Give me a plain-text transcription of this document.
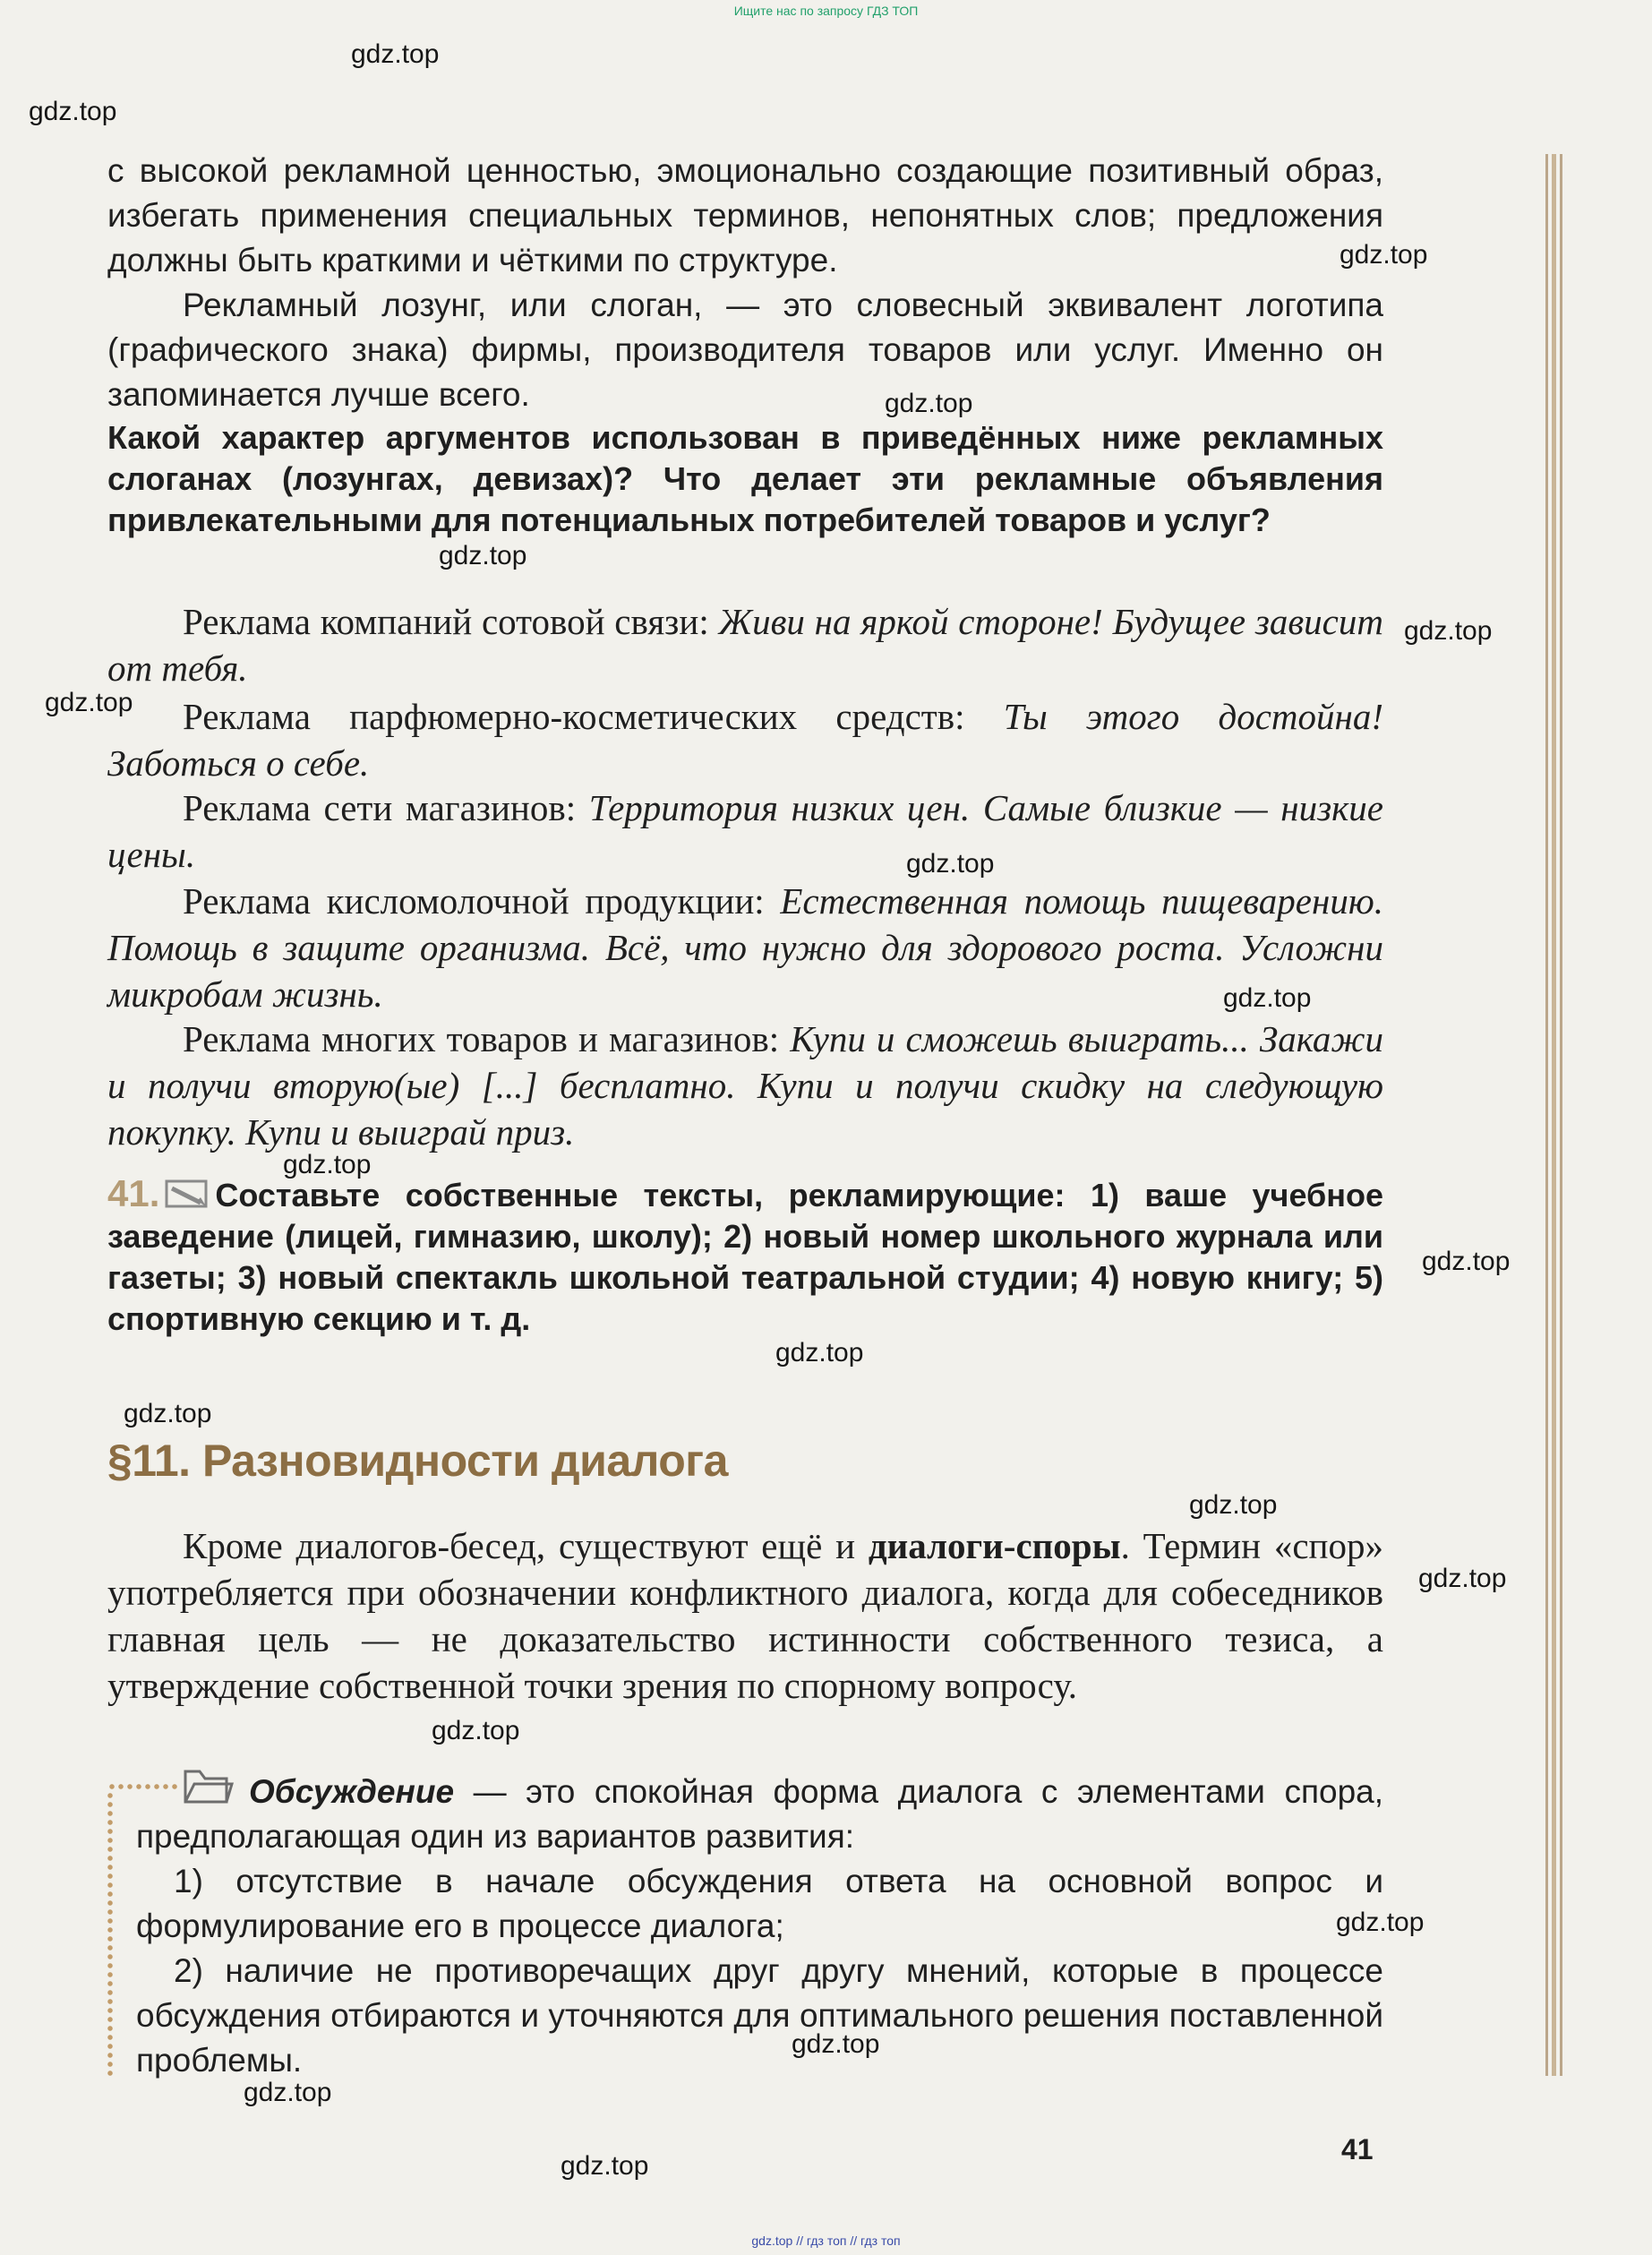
Ищите нас по запросу ГДЗ ТОП
с высокой рекламной ценностью, эмоционально создающие позитивный образ, избегать применения специальных терминов, непонятных слов; предложения должны быть краткими и чёткими по структуре.
Рекламный лозунг, или слоган, — это словесный эквивалент логотипа (графического знака) фирмы, производителя товаров или услуг. Именно он запоминается лучше всего.
Какой характер аргументов использован в приведённых ниже рекламных слоганах (лозунгах, девизах)? Что делает эти рекламные объявления привлекательными для потенциальных потребителей товаров и услуг?
Реклама компаний сотовой связи: Живи на яркой стороне! Будущее зависит от тебя.
Реклама парфюмерно-косметических средств: Ты этого достойна! Заботься о себе.
Реклама сети магазинов: Территория низких цен. Самые близкие — низкие цены.
Реклама кисломолочной продукции: Естественная помощь пищеварению. Помощь в защите организма. Всё, что нужно для здорового роста. Усложни микробам жизнь.
Реклама многих товаров и магазинов: Купи и сможешь выиграть... Закажи и получи вторую(ые) [...] бесплатно. Купи и получи скидку на следующую покупку. Купи и выиграй приз.
41. Составьте собственные тексты, рекламирующие: 1) ваше учебное заведение (лицей, гимназию, школу); 2) новый номер школьного журнала или газеты; 3) новый спектакль школьной театральной студии; 4) новую книгу; 5) спортивную секцию и т. д.
§11. Разновидности диалога
Кроме диалогов-бесед, существуют ещё и диалоги-споры. Термин «спор» употребляется при обозначении конфликтного диалога, когда для собеседников главная цель — не доказательство истинности собственного тезиса, а утверждение собственной точки зрения по спорному вопросу.
Обсуждение — это спокойная форма диалога с элементами спора, предполагающая один из вариантов развития:
1) отсутствие в начале обсуждения ответа на основной вопрос и формулирование его в процессе диалога;
2) наличие не противоречащих друг другу мнений, которые в процессе обсуждения отбираются и уточняются для оптимального решения поставленной проблемы.
41
gdz.top
gdz.top
gdz.top
gdz.top
gdz.top
gdz.top
gdz.top
gdz.top
gdz.top
gdz.top
gdz.top
gdz.top
gdz.top
gdz.top
gdz.top
gdz.top
gdz.top
gdz.top
gdz.top
gdz.top
gdz.top // гдз топ // гдз топ
